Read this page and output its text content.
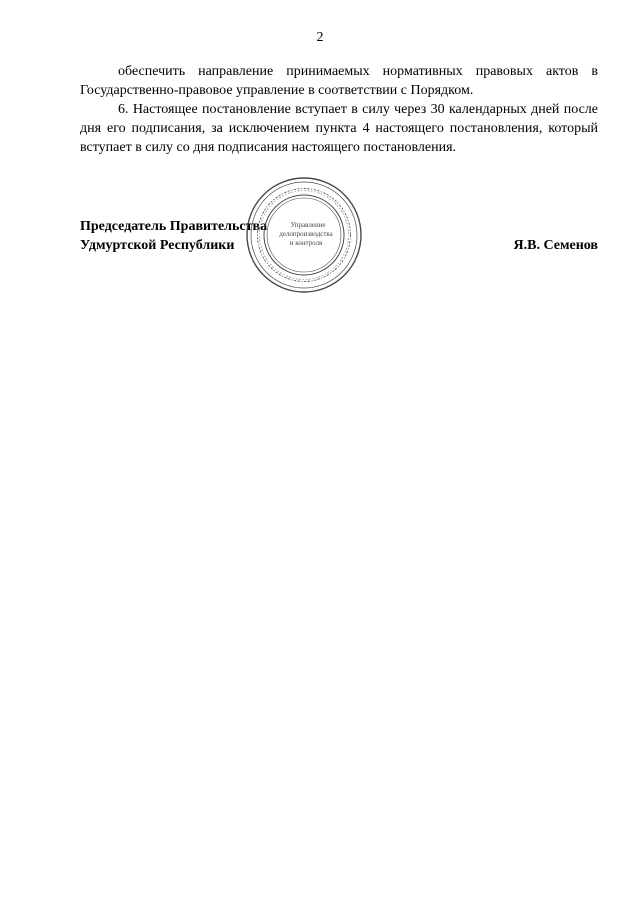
2

обеспечить направление принимаемых нормативных правовых актов в Государственно-правовое управление в соответствии с Порядком.

6. Настоящее постановление вступает в силу через 30 календарных дней после дня его подписания, за исключением пункта 4 настоящего постановления, который вступает в силу со дня подписания настоящего постановления.

Председатель Правительства
Удмуртской Республики	Я.В. Семенов
Управление
делопроизводства
и контроля
